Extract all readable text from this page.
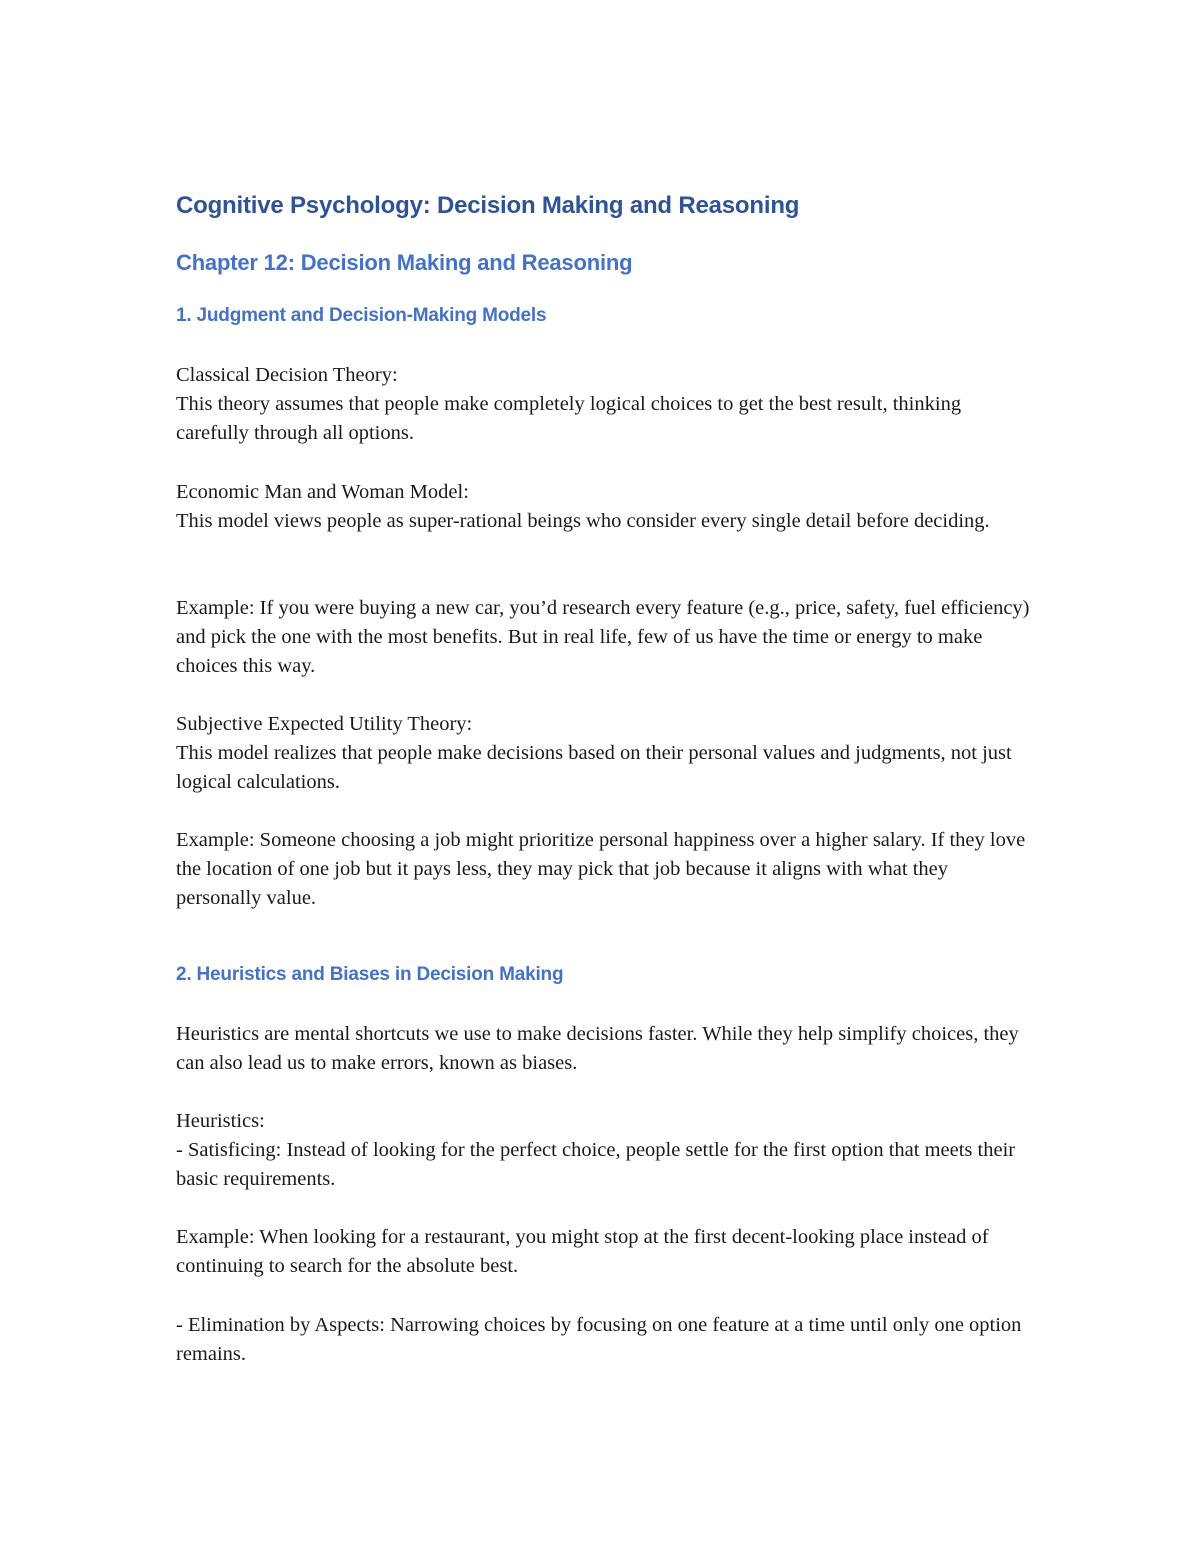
Cognitive Psychology: Decision Making and Reasoning
Chapter 12: Decision Making and Reasoning
1. Judgment and Decision-Making Models

Classical Decision Theory:

This theory assumes that people make completely logical choices to get the best result, thinking carefully through all options.

Economic Man and Woman Model:

This model views people as super-rational beings who consider every single detail before deciding.

Example: If you were buying a new car, you’d research every feature (e.g., price, safety, fuel efficiency) and pick the one with the most benefits. But in real life, few of us have the time or energy to make choices this way.

Subjective Expected Utility Theory:

This model realizes that people make decisions based on their personal values and judgments, not just logical calculations.

Example: Someone choosing a job might prioritize personal happiness over a higher salary. If they love the location of one job but it pays less, they may pick that job because it aligns with what they personally value.

2. Heuristics and Biases in Decision Making

Heuristics are mental shortcuts we use to make decisions faster. While they help simplify choices, they can also lead us to make errors, known as biases.

Heuristics:

- Satisficing: Instead of looking for the perfect choice, people settle for the first option that meets their basic requirements.

Example: When looking for a restaurant, you might stop at the first decent-looking place instead of continuing to search for the absolute best.

- Elimination by Aspects: Narrowing choices by focusing on one feature at a time until only one option remains.
